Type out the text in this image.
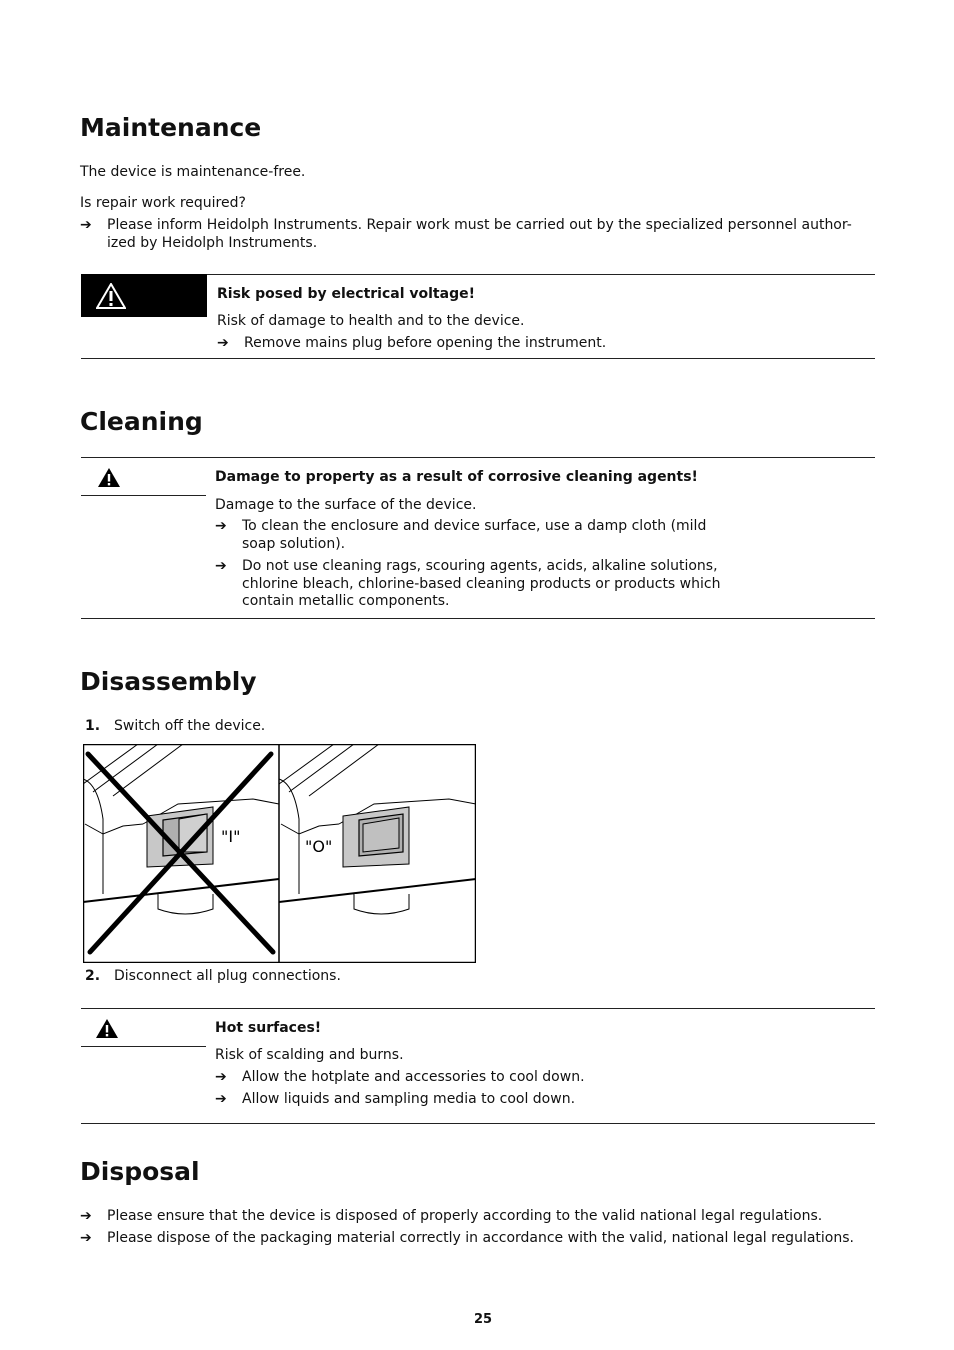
Maintenance
The device is maintenance-free.
Is repair work required?
➔ Please inform Heidolph Instruments. Repair work must be carried out by the specialized personnel author-
ized by Heidolph Instruments.
Risk posed by electrical voltage!
Risk of damage to health and to the device.
➔ Remove mains plug before opening the instrument.
Cleaning
Damage to property as a result of corrosive cleaning agents!
Damage to the surface of the device.
➔ To clean the enclosure and device surface, use a damp cloth (mild
soap solution).
➔ Do not use cleaning rags, scouring agents, acids, alkaline solutions,
chlorine bleach, chlorine-based cleaning products or products which
contain metallic components.
Disassembly
1. Switch off the device.
"I"
"O"
2. Disconnect all plug connections.
Hot surfaces!
Risk of scalding and burns.
➔ Allow the hotplate and accessories to cool down.
➔ Allow liquids and sampling media to cool down.
Disposal
➔ Please ensure that the device is disposed of properly according to the valid national legal regulations.
➔ Please dispose of the packaging material correctly in accordance with the valid, national legal regulations.
25
